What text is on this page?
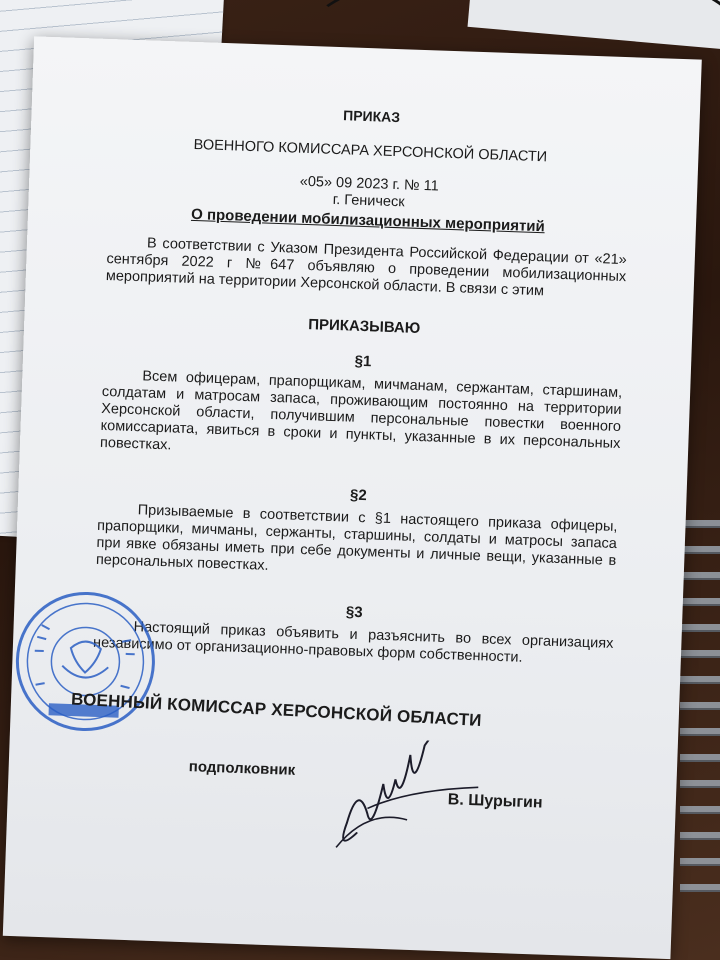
ПРИКАЗ
ВОЕННОГО КОМИССАРА ХЕРСОНСКОЙ ОБЛАСТИ
«05» 09 2023 г. № 11
г. Геническ
О проведении мобилизационных мероприятий
В соответствии с Указом Президента Российской Федерации от «21» сентября 2022 г №647 объявляю о проведении мобилизационных мероприятий на территории Херсонской области. В связи с этим
ПРИКАЗЫВАЮ
§1
Всем офицерам, прапорщикам, мичманам, сержантам, старшинам, солдатам и матросам запаса, проживающим постоянно на территории Херсонской области, получившим персональные повестки военного комиссариата, явиться в сроки и пункты, указанные в их персональных повестках.
§2
Призываемые в соответствии с §1 настоящего приказа офицеры, прапорщики, мичманы, сержанты, старшины, солдаты и матросы запаса при явке обязаны иметь при себе документы и личные вещи, указанные в персональных повестках.
§3
Настоящий приказ объявить и разъяснить во всех организациях независимо от организационно-правовых форм собственности.
ВОЕННЫЙ КОМИССАР ХЕРСОНСКОЙ ОБЛАСТИ
подполковник
В. Шурыгин
